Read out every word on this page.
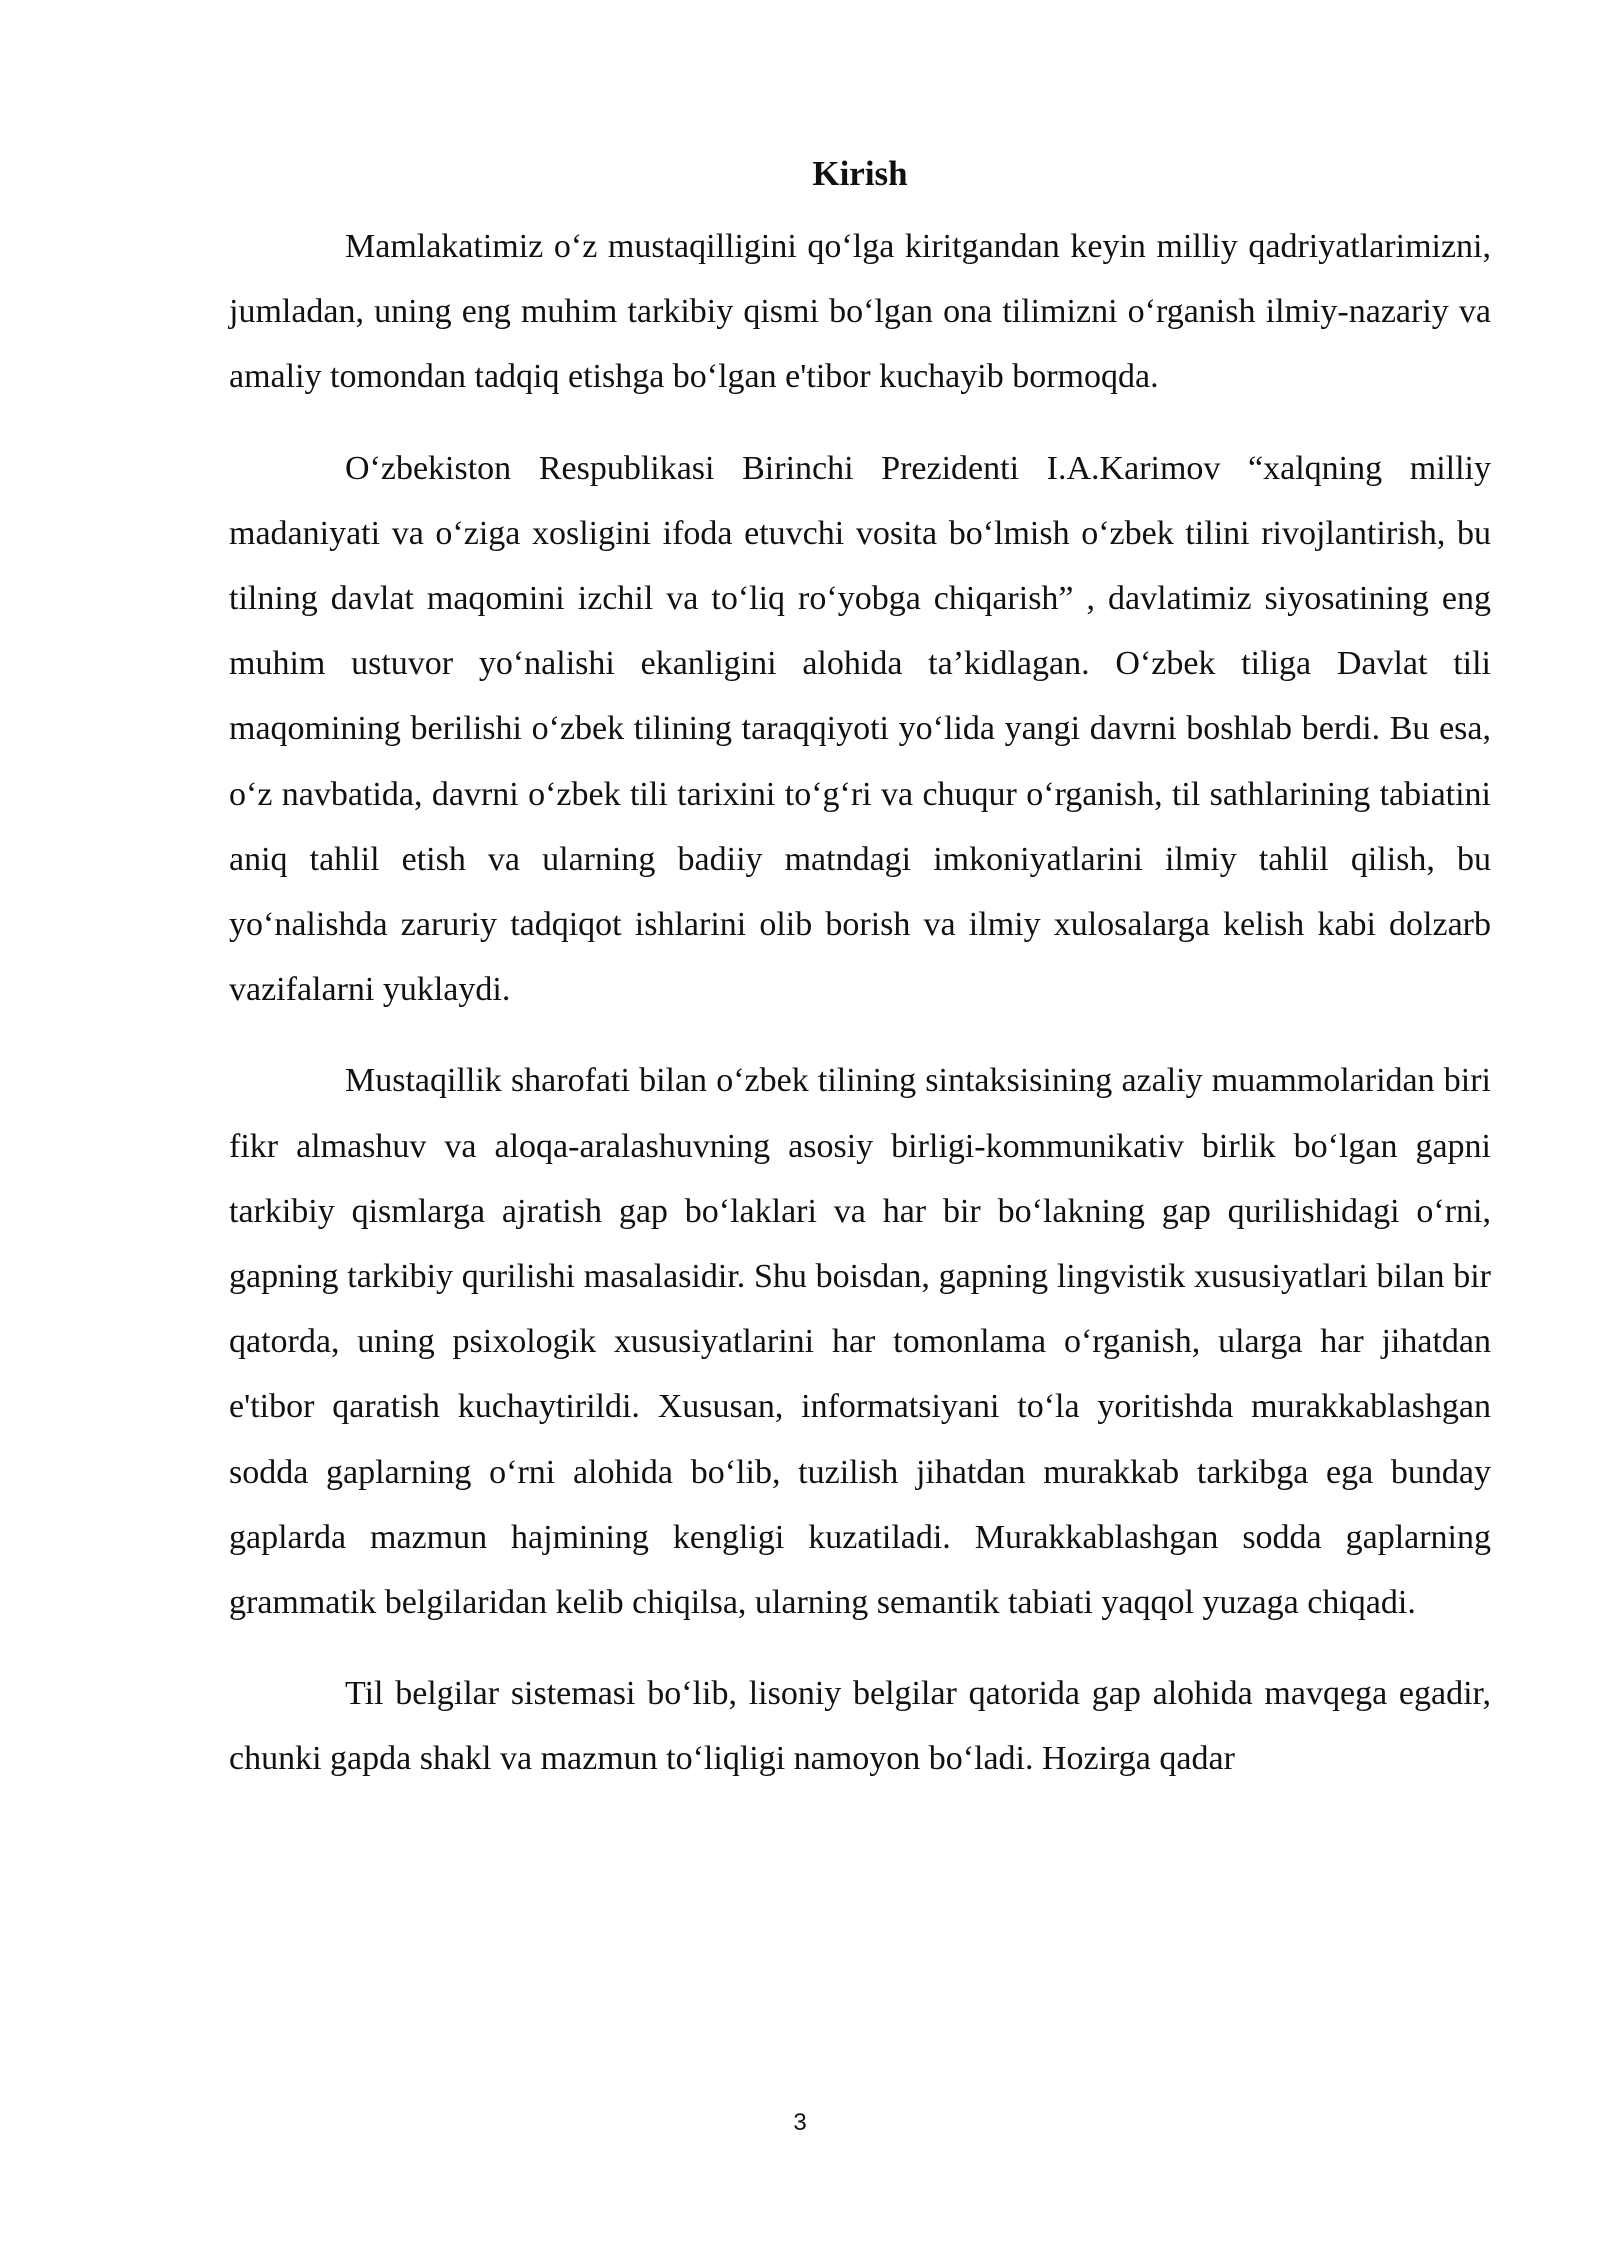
Kirish

Mamlakatimiz o‘z mustaqilligini qo‘lga kiritgandan keyin milliy qadriyatlarimizni, jumladan, uning eng muhim tarkibiy qismi bo‘lgan ona tilimizni o‘rganish ilmiy-nazariy va amaliy tomondan tadqiq etishga bo‘lgan e'tibor kuchayib bormoqda.

O‘zbekiston Respublikasi Birinchi Prezidenti I.A.Karimov “xalqning milliy madaniyati va o‘ziga xosligini ifoda etuvchi vosita bo‘lmish o‘zbek tilini rivojlantirish, bu tilning davlat maqomini izchil va to‘liq ro‘yobga chiqarish” , davlatimiz siyosatining eng muhim ustuvor yo‘nalishi ekanligini alohida ta’kidlagan. O‘zbek tiliga Davlat tili maqomining berilishi o‘zbek tilining taraqqiyoti yo‘lida yangi davrni boshlab berdi. Bu esa, o‘z navbatida, davrni o‘zbek tili tarixini to‘g‘ri va chuqur o‘rganish, til sathlarining tabiatini aniq tahlil etish va ularning badiiy matndagi imkoniyatlarini ilmiy tahlil qilish, bu yo‘nalishda zaruriy tadqiqot ishlarini olib borish va ilmiy xulosalarga kelish kabi dolzarb vazifalarni yuklaydi.

Mustaqillik sharofati bilan o‘zbek tilining sintaksisining azaliy muammolaridan biri fikr almashuv va aloqa-aralashuvning asosiy birligi-kommunikativ birlik bo‘lgan gapni tarkibiy qismlarga ajratish gap bo‘laklari va har bir bo‘lakning gap qurilishidagi o‘rni, gapning tarkibiy qurilishi masalasidir. Shu boisdan, gapning lingvistik xususiyatlari bilan bir qatorda, uning psixologik xususiyatlarini har tomonlama o‘rganish, ularga har jihatdan e'tibor qaratish kuchaytirildi. Xususan, informatsiyani to‘la yoritishda murakkablashgan sodda gaplarning o‘rni alohida bo‘lib, tuzilish jihatdan murakkab tarkibga ega bunday gaplarda mazmun hajmining kengligi kuzatiladi. Murakkablashgan sodda gaplarning grammatik belgilaridan kelib chiqilsa, ularning semantik tabiati yaqqol yuzaga chiqadi.

Til belgilar sistemasi bo‘lib, lisoniy belgilar qatorida gap alohida mavqega egadir, chunki gapda shakl va mazmun to‘liqligi namoyon bo‘ladi. Hozirga qadar

3
